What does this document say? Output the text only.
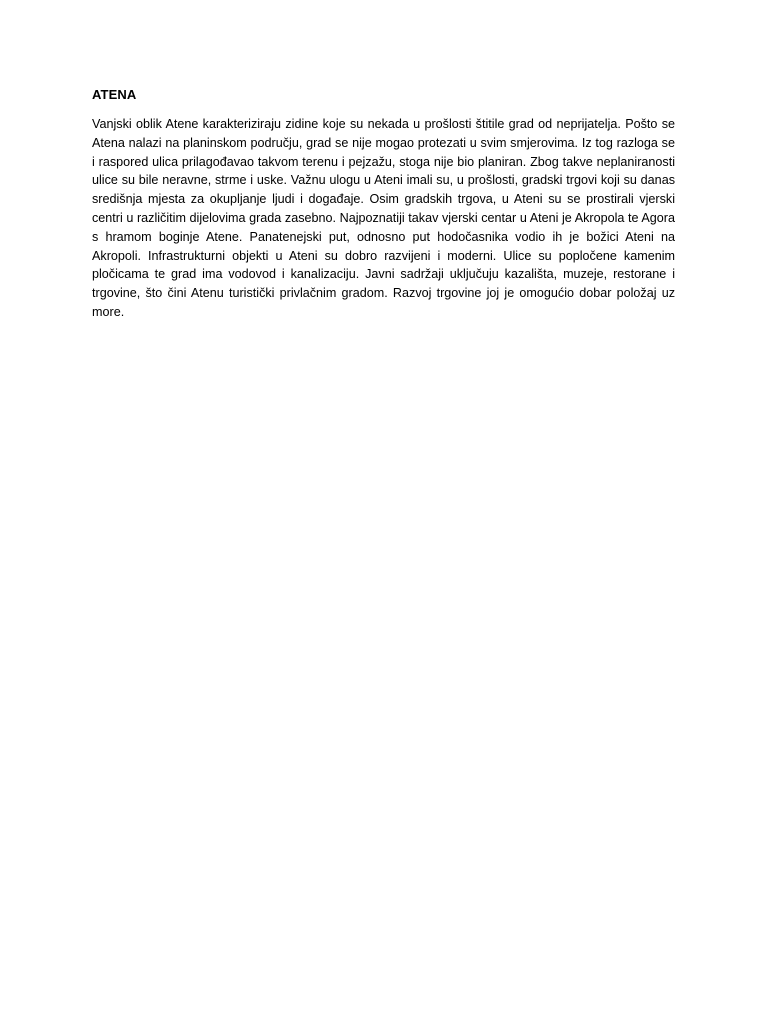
ATENA

Vanjski oblik Atene karakteriziraju zidine koje su nekada u prošlosti štitile grad od neprijatelja. Pošto se Atena nalazi na planinskom području, grad se nije mogao protezati u svim smjerovima. Iz tog razloga se i raspored ulica prilagođavao takvom terenu i pejzažu, stoga nije bio planiran. Zbog takve neplaniranosti ulice su bile neravne, strme i uske. Važnu ulogu u Ateni imali su, u prošlosti, gradski trgovi koji su danas središnja mjesta za okupljanje ljudi i događaje. Osim gradskih trgova, u Ateni su se prostirali vjerski centri u različitim dijelovima grada zasebno. Najpoznatiji takav vjerski centar u Ateni je Akropola te Agora s hramom boginje Atene. Panatenejski put, odnosno put hodočasnika vodio ih je božici Ateni na Akropoli. Infrastrukturni objekti u Ateni su dobro razvijeni i moderni. Ulice su popločene kamenim pločicama te grad ima vodovod i kanalizaciju. Javni sadržaji uključuju kazališta, muzeje, restorane i trgovine, što čini Atenu turistički privlačnim gradom. Razvoj trgovine joj je omogućio dobar položaj uz more.
